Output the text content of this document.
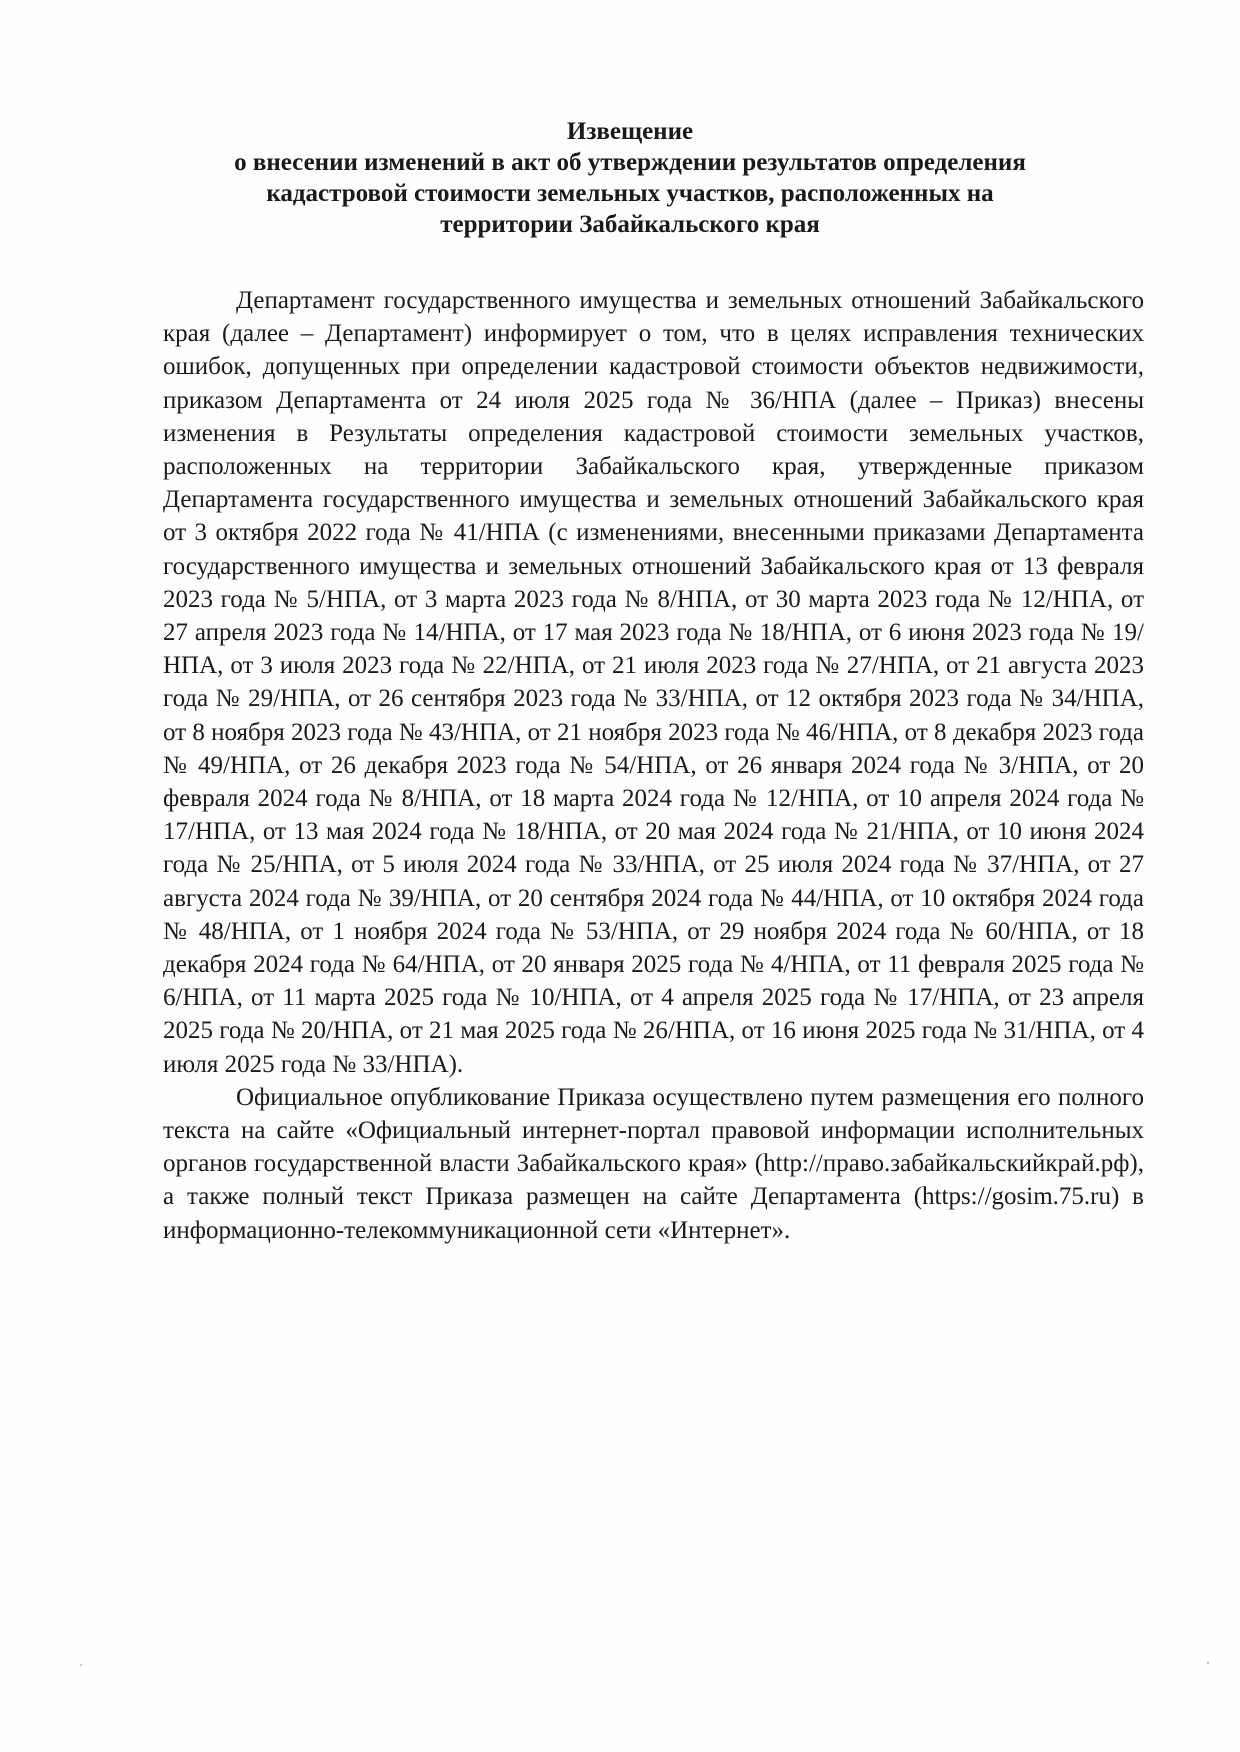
Извещение
о внесении изменений в акт об утверждении результатов определения
кадастровой стоимости земельных участков, расположенных на
территории Забайкальского края

Департамент государственного имущества и земельных отношений Забайкальского края (далее – Департамент) информирует о том, что в целях исправления технических ошибок, допущенных при определении кадастровой стоимости объектов недвижимости, приказом Департамента от 24 июля 2025 года № 36/НПА (далее – Приказ) внесены изменения в Результаты определения кадастровой стоимости земельных участков, расположенных на территории Забайкальского края, утвержденные приказом Департамента государственного имущества и земельных отношений Забайкальского края от 3 октября 2022 года № 41/НПА (с изменениями, внесенными приказами Департамента государственного имущества и земельных отношений Забайкальского края от 13 февраля 2023 года № 5/НПА, от 3 марта 2023 года № 8/НПА, от 30 марта 2023 года № 12/НПА, от 27 апреля 2023 года № 14/НПА, от 17 мая 2023 года № 18/НПА, от 6 июня 2023 года № 19/НПА, от 3 июля 2023 года № 22/НПА, от 21 июля 2023 года № 27/НПА, от 21 августа 2023 года № 29/НПА, от 26 сентября 2023 года № 33/НПА, от 12 октября 2023 года № 34/НПА, от 8 ноября 2023 года № 43/НПА, от 21 ноября 2023 года № 46/НПА, от 8 декабря 2023 года № 49/НПА, от 26 декабря 2023 года № 54/НПА, от 26 января 2024 года № 3/НПА, от 20 февраля 2024 года № 8/НПА, от 18 марта 2024 года № 12/НПА, от 10 апреля 2024 года № 17/НПА, от 13 мая 2024 года № 18/НПА, от 20 мая 2024 года № 21/НПА, от 10 июня 2024 года № 25/НПА, от 5 июля 2024 года № 33/НПА, от 25 июля 2024 года № 37/НПА, от 27 августа 2024 года № 39/НПА, от 20 сентября 2024 года № 44/НПА, от 10 октября 2024 года № 48/НПА, от 1 ноября 2024 года № 53/НПА, от 29 ноября 2024 года № 60/НПА, от 18 декабря 2024 года № 64/НПА, от 20 января 2025 года № 4/НПА, от 11 февраля 2025 года № 6/НПА, от 11 марта 2025 года № 10/НПА, от 4 апреля 2025 года № 17/НПА, от 23 апреля 2025 года № 20/НПА, от 21 мая 2025 года № 26/НПА, от 16 июня 2025 года № 31/НПА, от 4 июля 2025 года № 33/НПА).

Официальное опубликование Приказа осуществлено путем размещения его полного текста на сайте «Официальный интернет-портал правовой информации исполнительных органов государственной власти Забайкальского края» (http://право.забайкальскийкрай.рф), а также полный текст Приказа размещен на сайте Департамента (https://gosim.75.ru) в информационно-телекоммуникационной сети «Интернет».
